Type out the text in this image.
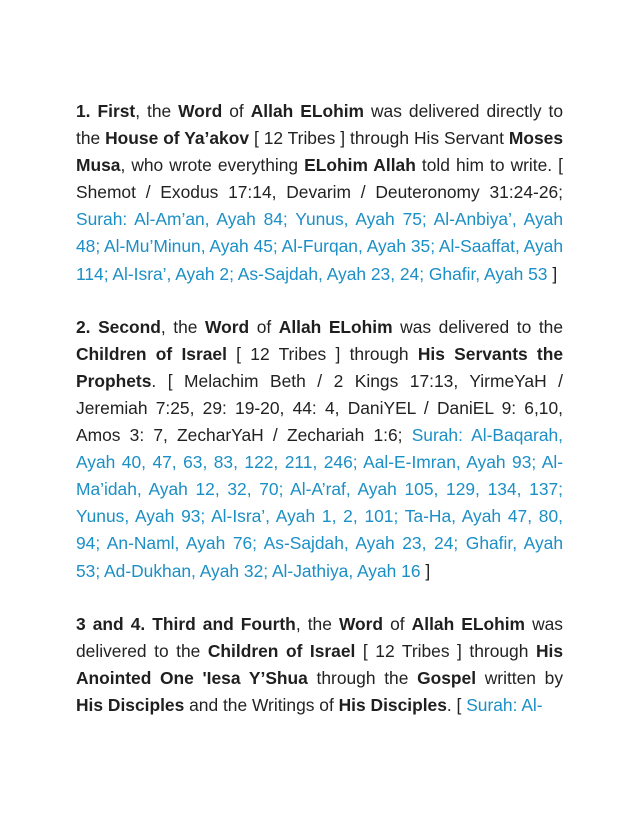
1. First, the Word of Allah ELohim was delivered directly to the House of Ya’akov [ 12 Tribes ] through His Servant Moses Musa, who wrote everything ELohim Allah told him to write. [ Shemot / Exodus 17:14, Devarim / Deuteronomy 31:24-26; Surah: Al-Am’an, Ayah 84; Yunus, Ayah 75; Al-Anbiya’, Ayah 48; Al-Mu’Minun, Ayah 45; Al-Furqan, Ayah 35; Al-Saaffat, Ayah 114; Al-Isra’, Ayah 2; As-Sajdah, Ayah 23, 24; Ghafir, Ayah 53 ]

2. Second, the Word of Allah ELohim was delivered to the Children of Israel [ 12 Tribes ] through His Servants the Prophets. [ Melachim Beth / 2 Kings 17:13, YirmeYaH / Jeremiah 7:25, 29: 19-20, 44: 4, DaniYEL / DaniEL 9: 6,10, Amos 3: 7, ZecharYaH / Zechariah 1:6; Surah: Al-Baqarah, Ayah 40, 47, 63, 83, 122, 211, 246; Aal-E-Imran, Ayah 93; Al-Ma’idah, Ayah 12, 32, 70; Al-A’raf, Ayah 105, 129, 134, 137; Yunus, Ayah 93; Al-Isra’, Ayah 1, 2, 101; Ta-Ha, Ayah 47, 80, 94; An-Naml, Ayah 76; As-Sajdah, Ayah 23, 24; Ghafir, Ayah 53; Ad-Dukhan, Ayah 32; Al-Jathiya, Ayah 16 ]

3 and 4. Third and Fourth, the Word of Allah ELohim was delivered to the Children of Israel [ 12 Tribes ] through His Anointed One 'Iesa Y’Shua through the Gospel written by His Disciples and the Writings of His Disciples. [ Surah: Al-
